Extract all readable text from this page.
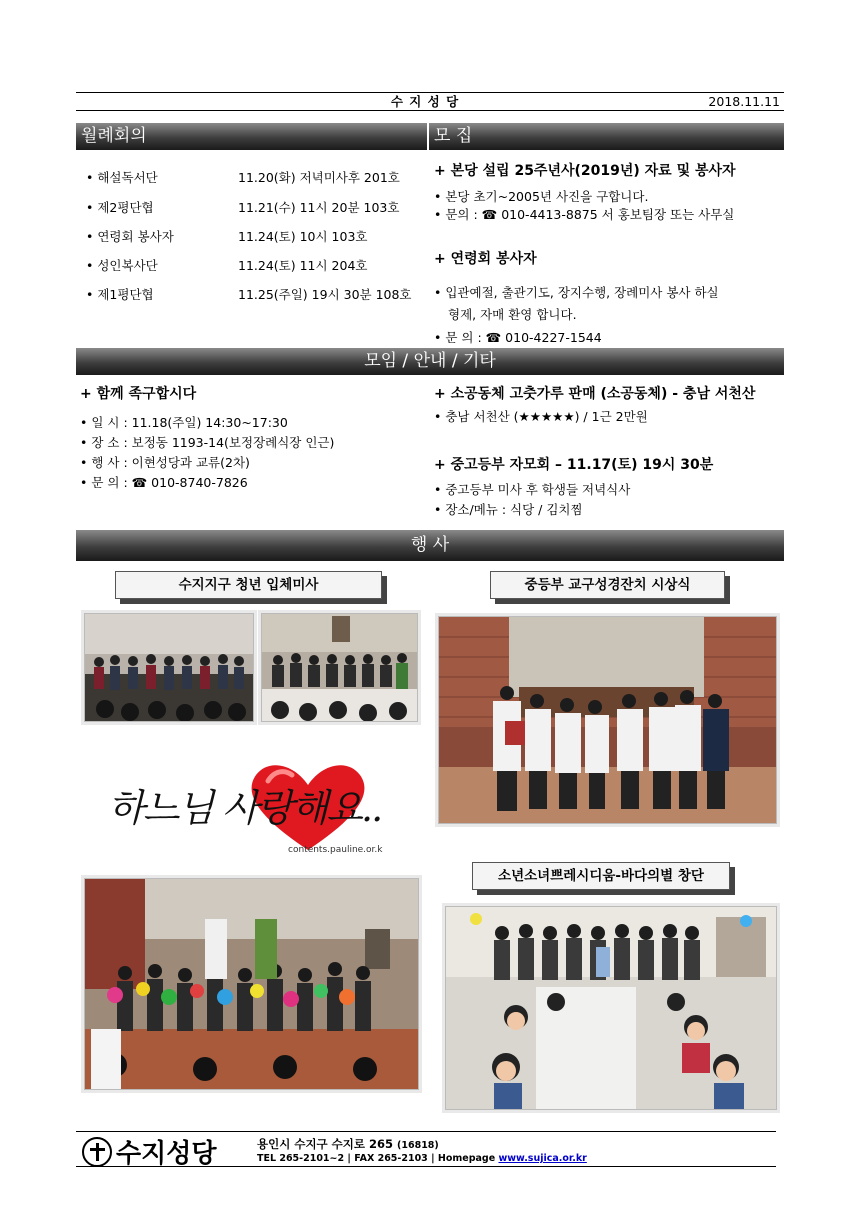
수 지 성 당	2018.11.11
월례회의
• 해설독서단	11.20(화) 저녁미사후 201호
• 제2평단협	11.21(수) 11시 20분 103호
• 연령회 봉사자	11.24(토) 10시 103호
• 성인복사단	11.24(토) 11시 204호
• 제1평단협	11.25(주일) 19시 30분 108호
모 집
+ 본당 설립 25주년사(2019년) 자료 및 봉사자
• 본당 초기~2005년 사진을 구합니다.
• 문의 : ☎ 010-4413-8875 서 홍보팀장 또는 사무실
+ 연령회 봉사자
• 입관예절, 출관기도, 장지수행, 장례미사 봉사 하실
형제, 자매 환영 합니다.
• 문 의 : ☎ 010-4227-1544
모임 / 안내 / 기타
+ 함께 족구합시다
• 일 시 : 11.18(주일) 14:30~17:30
• 장 소 : 보정동 1193-14(보정장례식장 인근)
• 행 사 : 이현성당과 교류(2차)
• 문 의 : ☎ 010-8740-7826
+ 소공동체 고춧가루 판매 (소공동체) - 충남 서천산
• 충남 서천산 (★★★★★) / 1근 2만원
+ 중고등부 자모회 – 11.17(토) 19시 30분
• 중고등부 미사 후 학생들 저녁식사
• 장소/메뉴 : 식당 / 김치찜
행 사
수지지구 청년 입체미사	중등부 교구성경잔치 시상식
하느님 사랑해요..
contents.pauline.or.k
소년소녀쁘레시디움-바다의별 창단
수지성당	용인시 수지구 수지로 265 (16818)
TEL 265-2101~2 | FAX 265-2103 | Homepage www.sujica.or.kr
